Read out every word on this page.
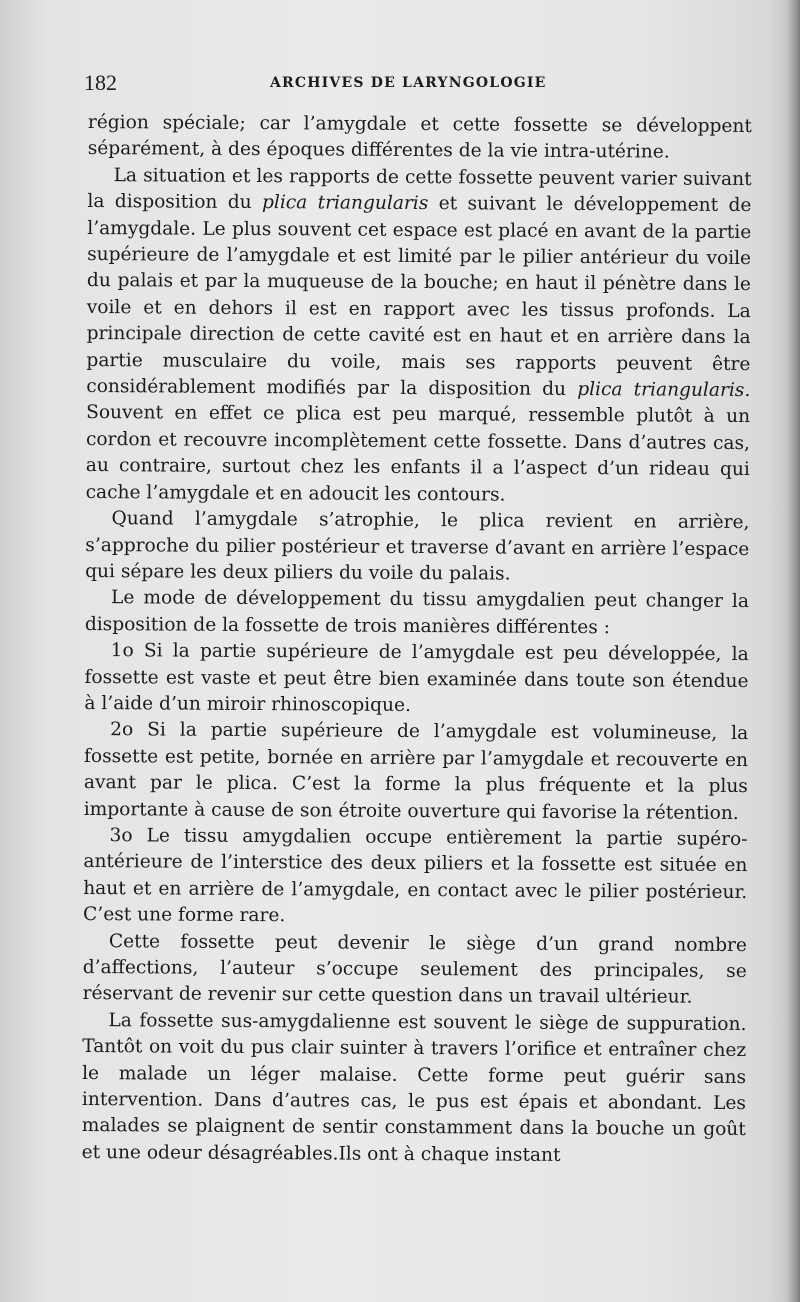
182	ARCHIVES DE LARYNGOLOGIE

région spéciale; car l’amygdale et cette fossette se développent séparément, à des époques différentes de la vie intra-utérine.

La situation et les rapports de cette fossette peuvent varier suivant la disposition du plica triangularis et suivant le développement de l’amygdale. Le plus souvent cet espace est placé en avant de la partie supérieure de l’amygdale et est limité par le pilier antérieur du voile du palais et par la muqueuse de la bouche; en haut il pénètre dans le voile et en dehors il est en rapport avec les tissus profonds. La principale direction de cette cavité est en haut et en arrière dans la partie musculaire du voile, mais ses rapports peuvent être considérablement modifiés par la disposition du plica triangularis. Souvent en effet ce plica est peu marqué, ressemble plutôt à un cordon et recouvre incomplètement cette fossette. Dans d’autres cas, au contraire, surtout chez les enfants il a l’aspect d’un rideau qui cache l’amygdale et en adoucit les contours.

Quand l’amygdale s’atrophie, le plica revient en arrière, s’approche du pilier postérieur et traverse d’avant en arrière l’espace qui sépare les deux piliers du voile du palais.

Le mode de développement du tissu amygdalien peut changer la disposition de la fossette de trois manières différentes :

1o Si la partie supérieure de l’amygdale est peu développée, la fossette est vaste et peut être bien examinée dans toute son étendue à l’aide d’un miroir rhinoscopique.

2o Si la partie supérieure de l’amygdale est volumineuse, la fossette est petite, bornée en arrière par l’amygdale et recouverte en avant par le plica. C’est la forme la plus fréquente et la plus importante à cause de son étroite ouverture qui favorise la rétention.

3o Le tissu amygdalien occupe entièrement la partie supéro-antérieure de l’interstice des deux piliers et la fossette est située en haut et en arrière de l’amygdale, en contact avec le pilier postérieur. C’est une forme rare.

Cette fossette peut devenir le siège d’un grand nombre d’affections, l’auteur s’occupe seulement des principales, se réservant de revenir sur cette question dans un travail ultérieur.

La fossette sus-amygdalienne est souvent le siège de suppuration. Tantôt on voit du pus clair suinter à travers l’orifice et entraîner chez le malade un léger malaise. Cette forme peut guérir sans intervention. Dans d’autres cas, le pus est épais et abondant. Les malades se plaignent de sentir constamment dans la bouche un goût et une odeur désagréables.Ils ont à chaque instant
